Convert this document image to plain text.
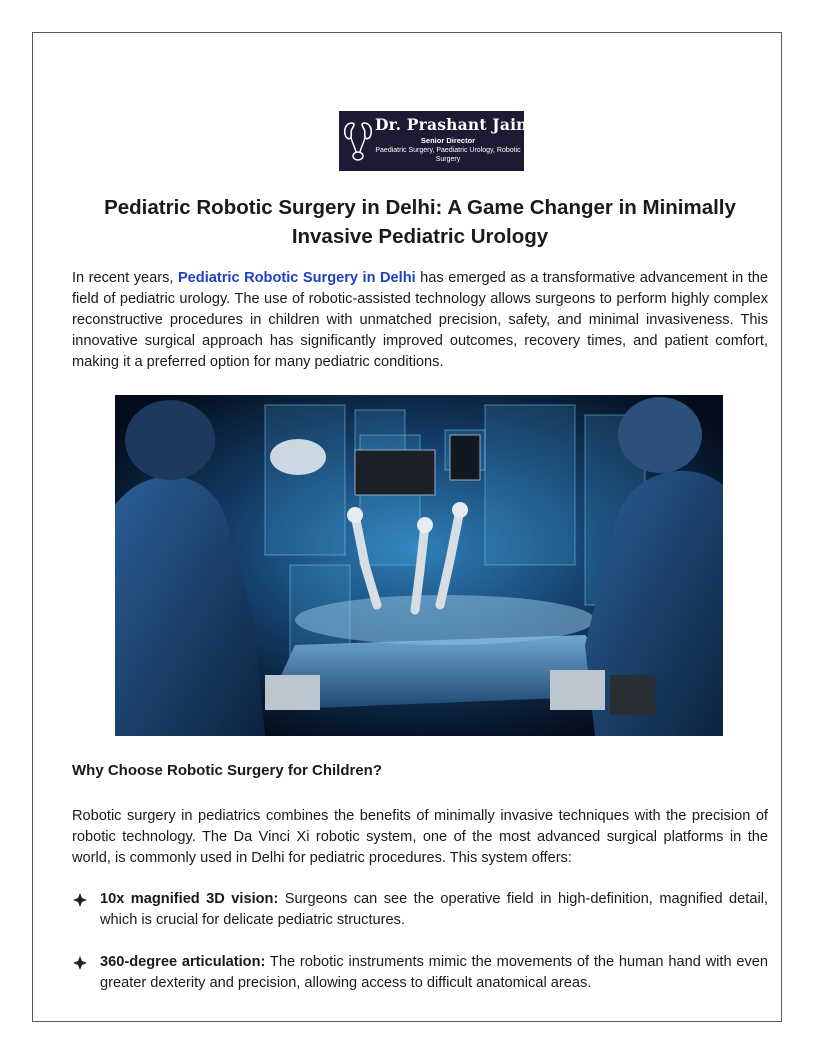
Dr. Prashant Jain
Senior Director
Paediatric Surgery, Paediatric Urology, Robotic Surgery
Pediatric Robotic Surgery in Delhi: A Game Changer in Minimally Invasive Pediatric Urology

In recent years, Pediatric Robotic Surgery in Delhi has emerged as a transformative advancement in the field of pediatric urology. The use of robotic-assisted technology allows surgeons to perform highly complex reconstructive procedures in children with unmatched precision, safety, and minimal invasiveness. This innovative surgical approach has significantly improved outcomes, recovery times, and patient comfort, making it a preferred option for many pediatric conditions.

Why Choose Robotic Surgery for Children?

Robotic surgery in pediatrics combines the benefits of minimally invasive techniques with the precision of robotic technology. The Da Vinci Xi robotic system, one of the most advanced surgical platforms in the world, is commonly used in Delhi for pediatric procedures. This system offers:

10x magnified 3D vision: Surgeons can see the operative field in high-definition, magnified detail, which is crucial for delicate pediatric structures.

360-degree articulation: The robotic instruments mimic the movements of the human hand with even greater dexterity and precision, allowing access to difficult anatomical areas.
